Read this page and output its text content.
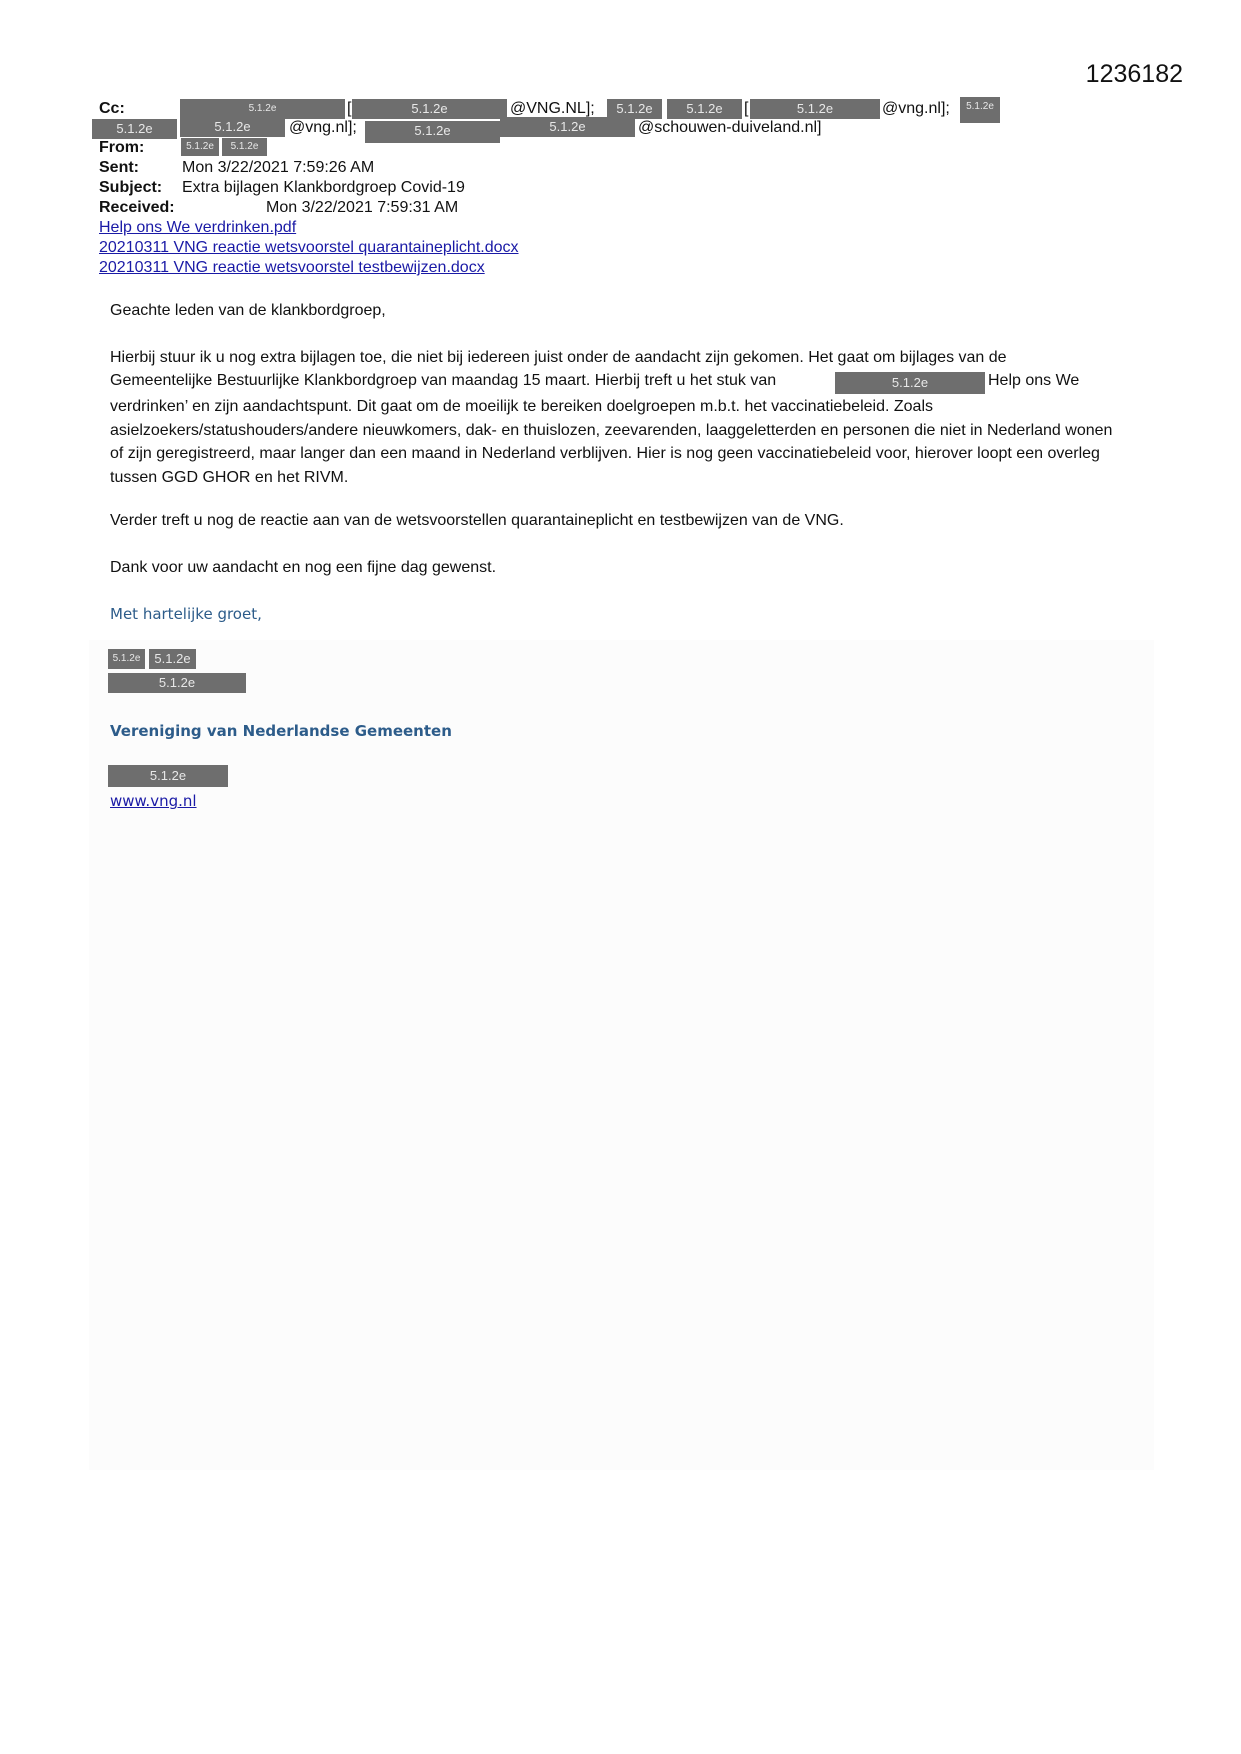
1236182
Cc:	5.1.2e	[	5.1.2e	@VNG.NL];	5.1.2e	5.1.2e	[	5.1.2e	@vng.nl];	5.1.2e
5.1.2e	5.1.2e	@vng.nl];	5.1.2e	5.1.2e	@schouwen-duiveland.nl]
From:	5.1.2e	5.1.2e
Sent:	Mon 3/22/2021 7:59:26 AM
Subject: Extra bijlagen Klankbordgroep Covid-19
Received:	Mon 3/22/2021 7:59:31 AM
Help ons We verdrinken.pdf
20210311 VNG reactie wetsvoorstel quarantaineplicht.docx
20210311 VNG reactie wetsvoorstel testbewijzen.docx
Geachte leden van de klankbordgroep,
Hierbij stuur ik u nog extra bijlagen toe, die niet bij iedereen juist onder de aandacht zijn gekomen. Het gaat om bijlages van de
Gemeentelijke Bestuurlijke Klankbordgroep van maandag 15 maart. Hierbij treft u het stuk van	5.1.2e	Help ons We
verdrinken’ en zijn aandachtspunt. Dit gaat om de moeilijk te bereiken doelgroepen m.b.t. het vaccinatiebeleid. Zoals asielzoekers/statushouders/andere nieuwkomers, dak- en thuislozen, zeevarenden, laaggeletterden en personen die niet in Nederland wonen of zijn geregistreerd, maar langer dan een maand in Nederland verblijven. Hier is nog geen vaccinatiebeleid voor, hierover loopt een overleg tussen GGD GHOR en het RIVM.
Verder treft u nog de reactie aan van de wetsvoorstellen quarantaineplicht en testbewijzen van de VNG.
Dank voor uw aandacht en nog een fijne dag gewenst.
Met hartelijke groet,
5.1.2e	5.1.2e
5.1.2e
Vereniging van Nederlandse Gemeenten
5.1.2e
www.vng.nl
